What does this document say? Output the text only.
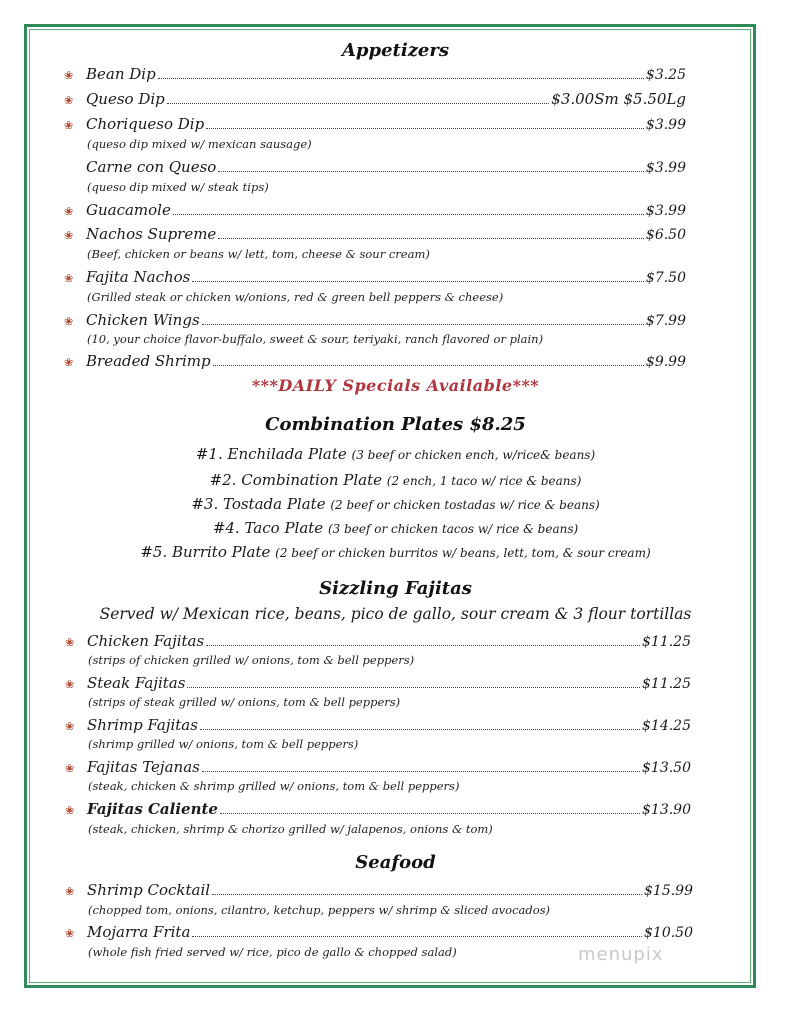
Appetizers
❀ Bean Dip	$3.25
❀ Queso Dip	$3.00Sm $5.50Lg
❀ Choriqueso Dip	$3.99
(queso dip mixed w/ mexican sausage)
Carne con Queso	$3.99
(queso dip mixed w/ steak tips)
❀ Guacamole	$3.99
❀ Nachos Supreme	$6.50
(Beef, chicken or beans w/ lett, tom, cheese & sour cream)
❀ Fajita Nachos	$7.50
(Grilled steak or chicken w/onions, red & green bell peppers & cheese)
❀ Chicken Wings	$7.99
(10, your choice flavor-buffalo, sweet & sour, teriyaki, ranch flavored or plain)
❀ Breaded Shrimp	$9.99
***DAILY Specials Available***
Combination Plates $8.25
#1. Enchilada Plate (3 beef or chicken ench, w/rice& beans)
#2. Combination Plate (2 ench, 1 taco w/ rice & beans)
#3. Tostada Plate (2 beef or chicken tostadas w/ rice & beans)
#4. Taco Plate (3 beef or chicken tacos w/ rice & beans)
#5. Burrito Plate (2 beef or chicken burritos w/ beans, lett, tom, & sour cream)
Sizzling Fajitas
Served w/ Mexican rice, beans, pico de gallo, sour cream & 3 flour tortillas
❀ Chicken Fajitas	$11.25
(strips of chicken grilled w/ onions, tom & bell peppers)
❀ Steak Fajitas	$11.25
(strips of steak grilled w/ onions, tom & bell peppers)
❀ Shrimp Fajitas	$14.25
(shrimp grilled w/ onions, tom & bell peppers)
❀ Fajitas Tejanas	$13.50
(steak, chicken & shrimp grilled w/ onions, tom & bell peppers)
❀ Fajitas Caliente	$13.90
(steak, chicken, shrimp & chorizo grilled w/ jalapenos, onions & tom)
Seafood
❀ Shrimp Cocktail	$15.99
(chopped tom, onions, cilantro, ketchup, peppers w/ shrimp & sliced avocados)
❀ Mojarra Frita	$10.50
(whole fish fried served w/ rice, pico de gallo & chopped salad)	menupix
